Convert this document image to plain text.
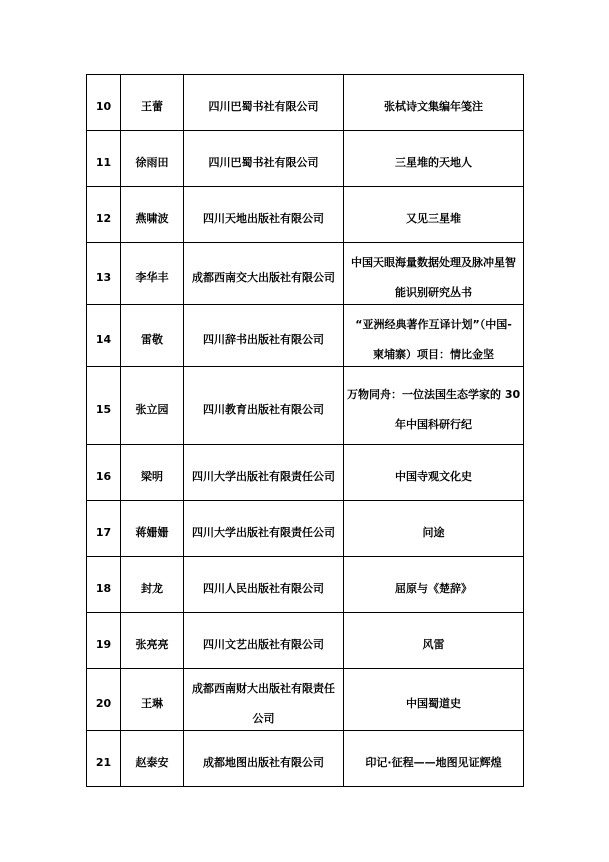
10	王蕾	四川巴蜀书社有限公司	张栻诗文集编年笺注

11	徐雨田	四川巴蜀书社有限公司	三星堆的天地人

12	燕啸波	四川天地出版社有限公司	又见三星堆

13	李华丰	成都西南交大出版社有限公司	中国天眼海量数据处理及脉冲星智
能识别研究丛书

14	雷敬	四川辞书出版社有限公司	“亚洲经典著作互译计划”（中国-
柬埔寨）项目：情比金坚

15	张立园	四川教育出版社有限公司	万物同舟：一位法国生态学家的 30
年中国科研行纪

16	梁明	四川大学出版社有限责任公司	中国寺观文化史

17	蒋姗姗	四川大学出版社有限责任公司	问途

18	封龙	四川人民出版社有限公司	屈原与《楚辞》

19	张亮亮	四川文艺出版社有限公司	风雷

20	王琳	成都西南财大出版社有限责任
公司	中国蜀道史

21	赵泰安	成都地图出版社有限公司	印记·征程——地图见证辉煌
